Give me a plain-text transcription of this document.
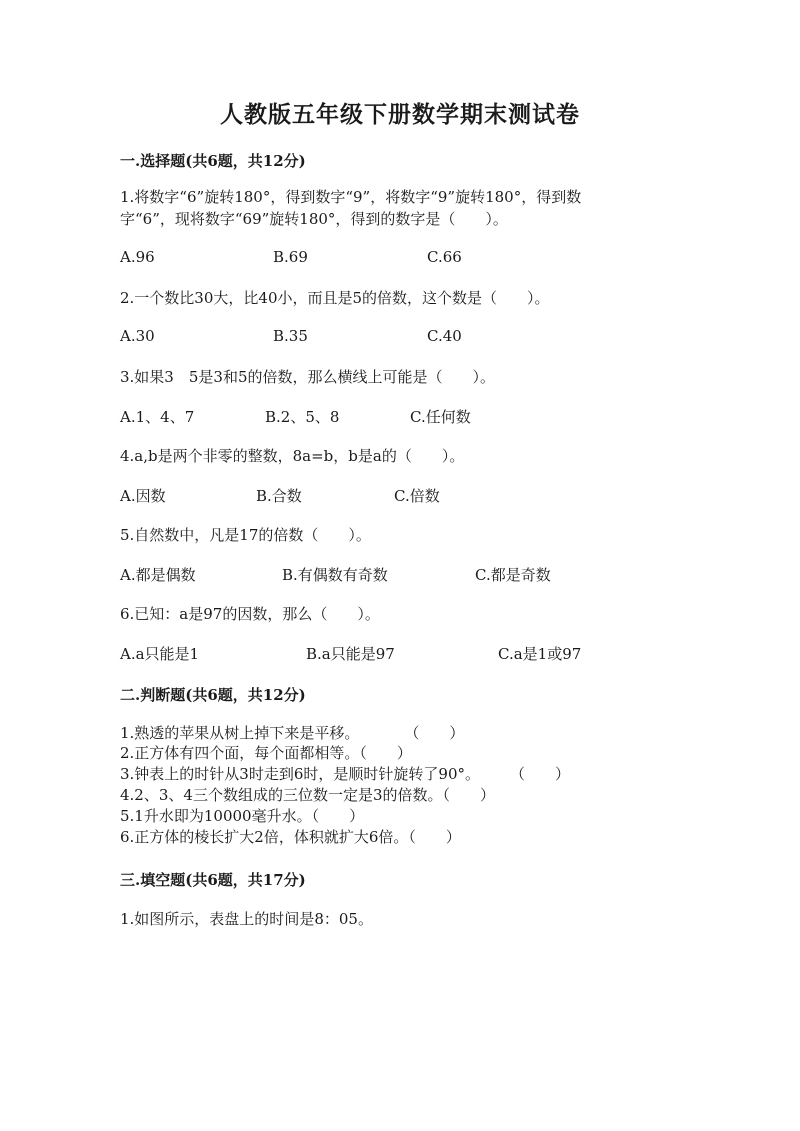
人教版五年级下册数学期末测试卷
一.选择题(共6题，共12分)
1.将数字“6”旋转180°，得到数字“9”，将数字“9”旋转180°，得到数
字“6”，现将数字“69”旋转180°，得到的数字是（　　）。
A.96	B.69	C.66
2.一个数比30大，比40小，而且是5的倍数，这个数是（　　）。
A.30	B.35	C.40
3.如果3　5是3和5的倍数，那么横线上可能是（　　）。
A.1、4、7	B.2、5、8	C.任何数
4.a,b是两个非零的整数，8a=b，b是a的（　　）。
A.因数	B.合数	C.倍数
5.自然数中，凡是17的倍数（　　）。
A.都是偶数	B.有偶数有奇数	C.都是奇数
6.已知：a是97的因数，那么（　　）。
A.a只能是1	B.a只能是97	C.a是1或97
二.判断题(共6题，共12分)
1.熟透的苹果从树上掉下来是平移。　　　　（　　）
2.正方体有四个面，每个面都相等。（　　）
3.钟表上的时针从3时走到6时，是顺时针旋转了90°。　　　（　　）
4.2、3、4三个数组成的三位数一定是3的倍数。（　　）
5.1升水即为10000毫升水。（　　）
6.正方体的棱长扩大2倍，体积就扩大6倍。（　　）
三.填空题(共6题，共17分)
1.如图所示，表盘上的时间是8：05。
